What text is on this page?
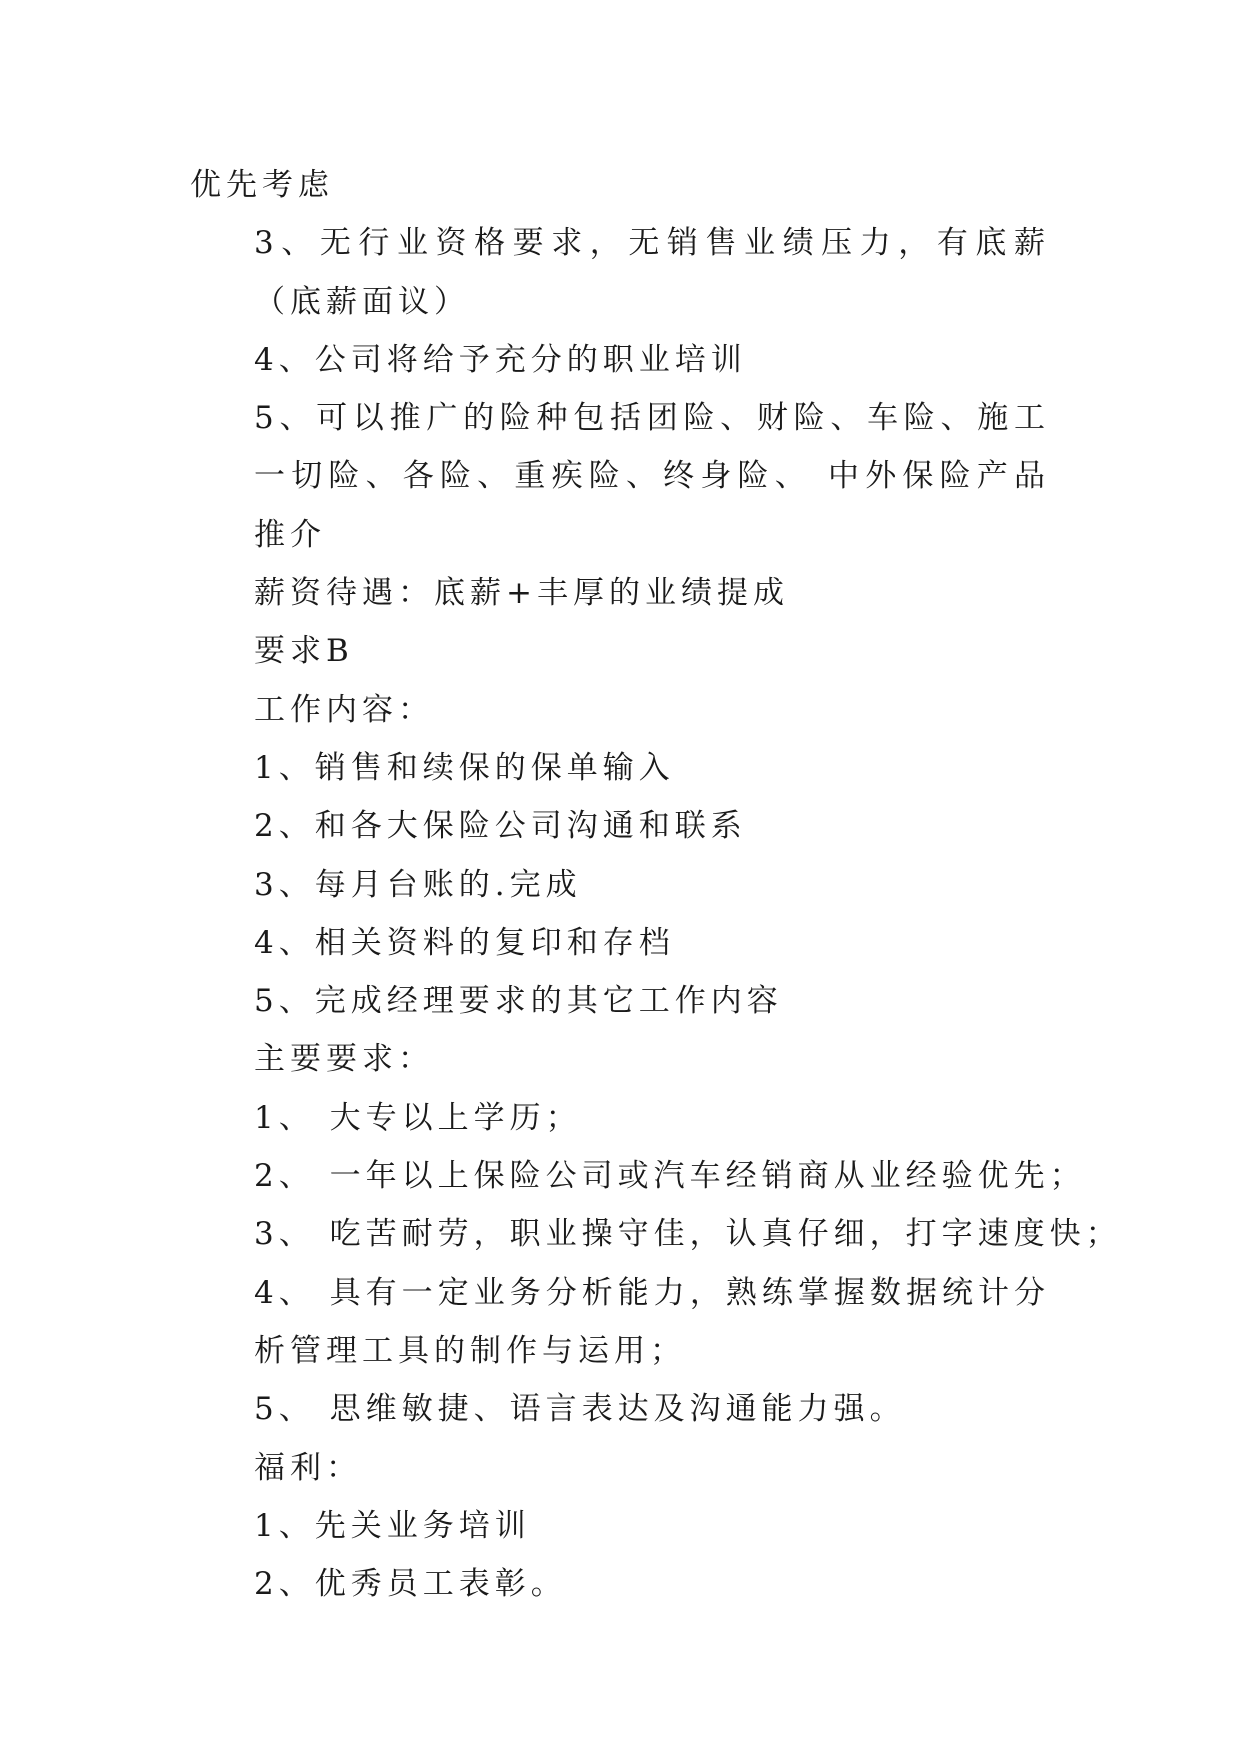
优先考虑

3、无行业资格要求，无销售业绩压力，有底薪（底薪面议）

4、公司将给予充分的职业培训

5、可以推广的险种包括团险、财险、车险、施工一切险、各险、重疾险、终身险、 中外保险产品推介

薪资待遇：底薪+丰厚的业绩提成

要求B

工作内容：

1、销售和续保的保单输入

2、和各大保险公司沟通和联系

3、每月台账的.完成

4、相关资料的复印和存档

5、完成经理要求的其它工作内容

主要要求：

1、 大专以上学历；

2、 一年以上保险公司或汽车经销商从业经验优先；

3、 吃苦耐劳，职业操守佳，认真仔细，打字速度快；

4、 具有一定业务分析能力，熟练掌握数据统计分析管理工具的制作与运用；

5、 思维敏捷、语言表达及沟通能力强。

福利：

1、先关业务培训

2、优秀员工表彰。
